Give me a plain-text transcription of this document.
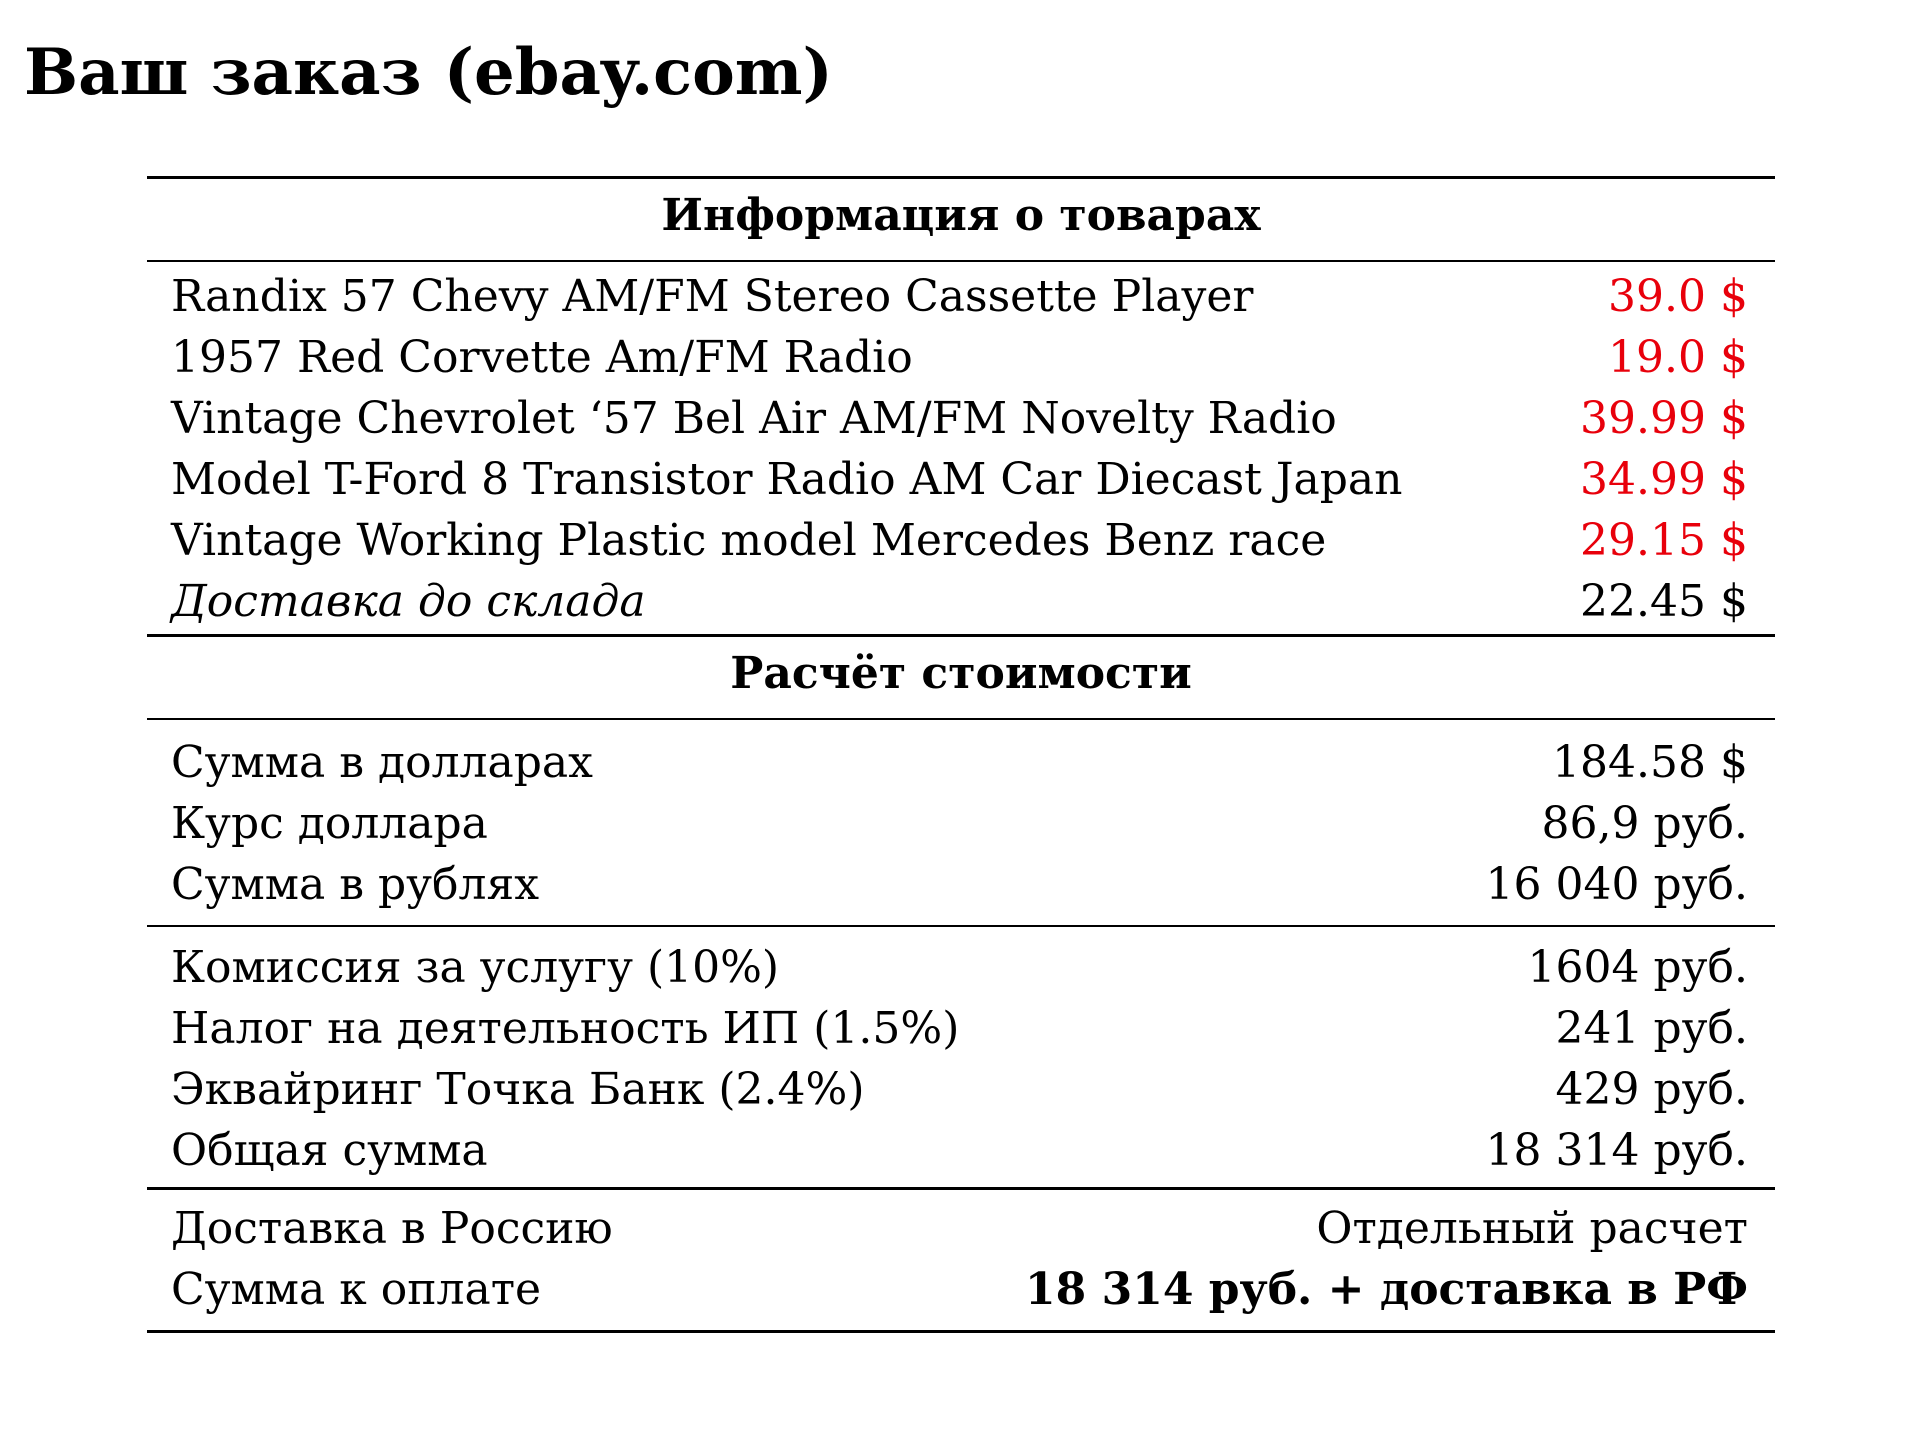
Ваш заказ (ebay.com)
Информация о товарах
Randix 57 Chevy AM/FM Stereo Cassette Player	39.0 $
1957 Red Corvette Am/FM Radio	19.0 $
Vintage Chevrolet ‘57 Bel Air AM/FM Novelty Radio	39.99 $
Model T-Ford 8 Transistor Radio AM Car Diecast Japan	34.99 $
Vintage Working Plastic model Mercedes Benz race	29.15 $
Доставка до склада	22.45 $
Расчёт стоимости
Сумма в долларах	184.58 $
Курс доллара	86,9 руб.
Сумма в рублях	16 040 руб.
Комиссия за услугу (10%)	1604 руб.
Налог на деятельность ИП (1.5%)	241 руб.
Эквайринг Точка Банк (2.4%)	429 руб.
Общая сумма	18 314 руб.
Доставка в Россию	Отдельный расчет
Сумма к оплате	18 314 руб. + доставка в РФ
